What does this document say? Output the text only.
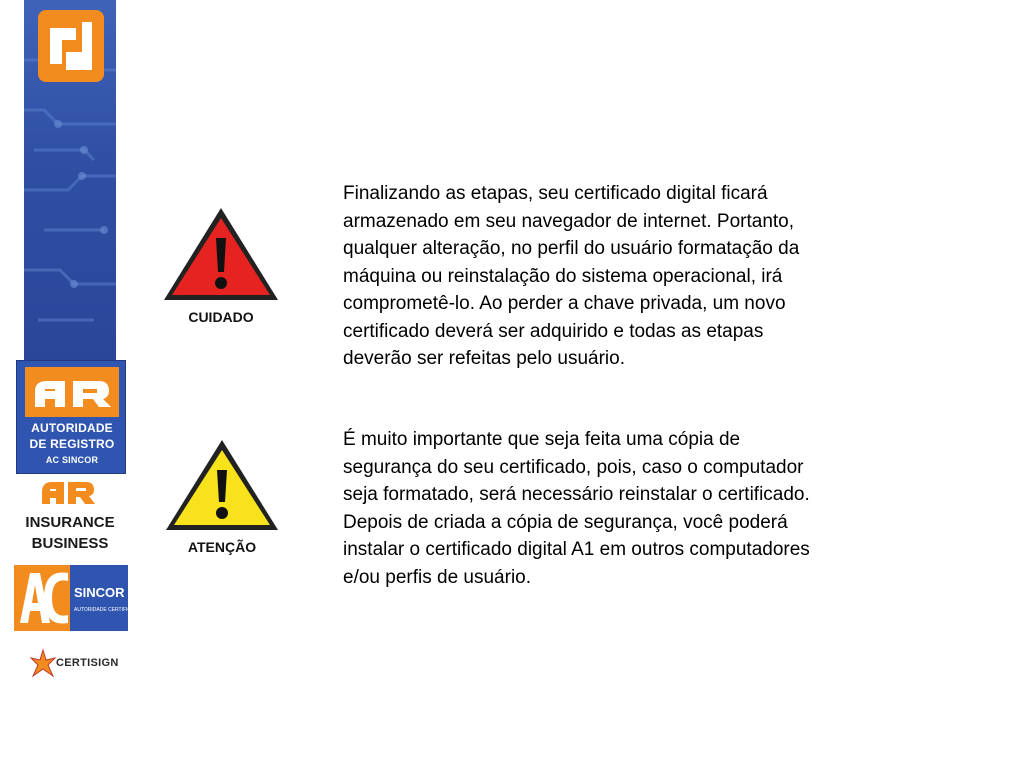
AUTORIDADE
DE REGISTRO
AC SINCOR
INSURANCE
BUSINESS
SINCOR
AUTORIDADE CERTIFICADORA
CERTISIGN
CUIDADO
ATENÇÃO
Finalizando as etapas, seu certificado digital ficará
armazenado em seu navegador de internet. Portanto,
qualquer alteração, no perfil do usuário formatação da
máquina ou reinstalação do sistema operacional, irá
comprometê-lo. Ao perder a chave privada, um novo
certificado deverá ser adquirido e todas as etapas
deverão ser refeitas pelo usuário.
É muito importante que seja feita uma cópia de
segurança do seu certificado, pois, caso o computador
seja formatado, será necessário reinstalar o certificado.
Depois de criada a cópia de segurança, você poderá
instalar o certificado digital A1 em outros computadores
e/ou perfis de usuário.
